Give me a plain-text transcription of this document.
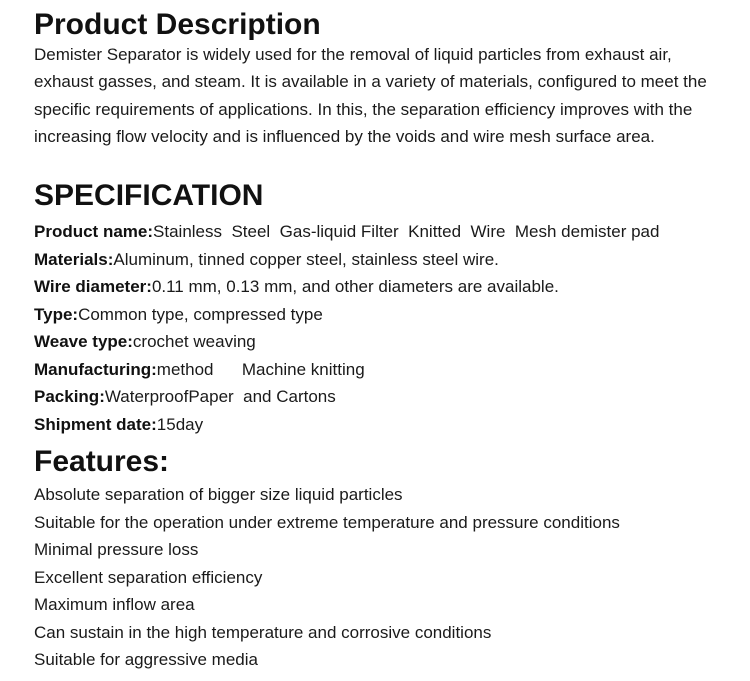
Product Description

Demister Separator is widely used for the removal of liquid particles from exhaust air, exhaust gasses, and steam. It is available in a variety of materials, configured to meet the specific requirements of applications. In this, the separation efficiency improves with the increasing flow velocity and is influenced by the voids and wire mesh surface area.

SPECIFICATION
Product name:Stainless  Steel  Gas-liquid Filter  Knitted  Wire  Mesh demister pad
Materials:Aluminum, tinned copper steel, stainless steel wire.
Wire diameter:0.11 mm, 0.13 mm, and other diameters are available.
Type:Common type, compressed type
Weave type:crochet weaving
Manufacturing:method      Machine knitting
Packing:WaterproofPaper  and Cartons
Shipment date:15day
Features:
Absolute separation of bigger size liquid particles
Suitable for the operation under extreme temperature and pressure conditions
Minimal pressure loss
Excellent separation efficiency
Maximum inflow area
Can sustain in the high temperature and corrosive conditions
Suitable for aggressive media
